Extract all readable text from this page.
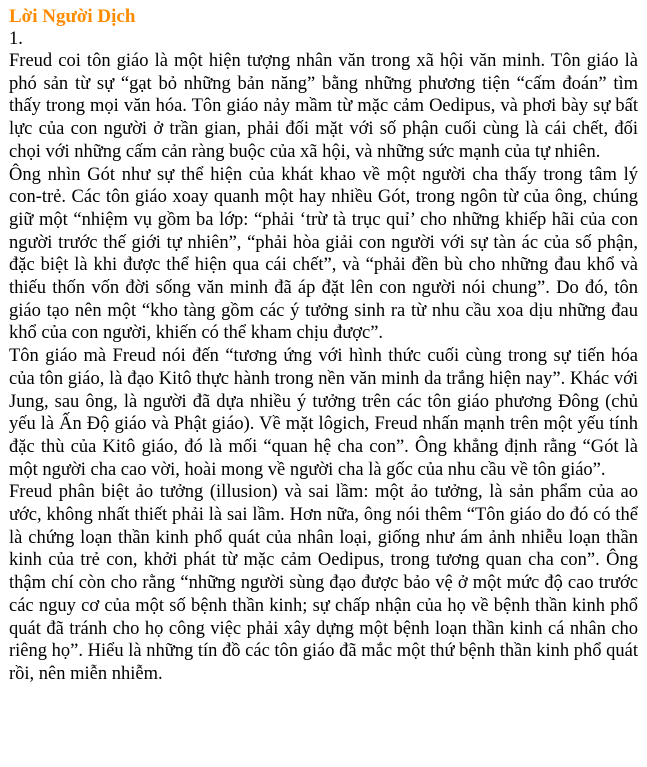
Lời Người Dịch

1.

Freud coi tôn giáo là một hiện tượng nhân văn trong xã hội văn minh. Tôn giáo là phó sản từ sự “gạt bỏ những bản năng” bằng những phương tiện “cấm đoán” tìm thấy trong mọi văn hóa. Tôn giáo nảy mầm từ mặc cảm Oedipus, và phơi bày sự bất lực của con người ở trần gian, phải đối mặt với số phận cuối cùng là cái chết, đối chọi với những cấm cản ràng buộc của xã hội, và những sức mạnh của tự nhiên.

Ông nhìn Gót như sự thể hiện của khát khao về một người cha thấy trong tâm lý con-trẻ. Các tôn giáo xoay quanh một hay nhiều Gót, trong ngôn từ của ông, chúng giữ một “nhiệm vụ gồm ba lớp: “phải ‘trừ tà trục quỉ’ cho những khiếp hãi của con người trước thế giới tự nhiên”, “phải hòa giải con người với sự tàn ác của số phận, đặc biệt là khi được thể hiện qua cái chết”, và “phải đền bù cho những đau khổ và thiếu thốn vốn đời sống văn minh đã áp đặt lên con người nói chung”. Do đó, tôn giáo tạo nên một “kho tàng gồm các ý tưởng sinh ra từ nhu cầu xoa dịu những đau khổ của con người, khiến có thể kham chịu được”.

Tôn giáo mà Freud nói đến “tương ứng với hình thức cuối cùng trong sự tiến hóa của tôn giáo, là đạo Kitô thực hành trong nền văn minh da trắng hiện nay”. Khác với Jung, sau ông, là người đã dựa nhiều ý tưởng trên các tôn giáo phương Đông (chủ yếu là Ấn Độ giáo và Phật giáo). Về mặt lôgich, Freud nhấn mạnh trên một yếu tính đặc thù của Kitô giáo, đó là mối “quan hệ cha con”. Ông khẳng định rằng “Gót là một người cha cao vời, hoài mong về người cha là gốc của nhu cầu về tôn giáo”.

Freud phân biệt ảo tưởng (illusion) và sai lầm: một ảo tưởng, là sản phẩm của ao ước, không nhất thiết phải là sai lầm. Hơn nữa, ông nói thêm “Tôn giáo do đó có thể là chứng loạn thần kinh phổ quát của nhân loại, giống như ám ảnh nhiễu loạn thần kinh của trẻ con, khởi phát từ mặc cảm Oedipus, trong tương quan cha con”. Ông thậm chí còn cho rằng “những người sùng đạo được bảo vệ ở một mức độ cao trước các nguy cơ của một số bệnh thần kinh; sự chấp nhận của họ về bệnh thần kinh phổ quát đã tránh cho họ công việc phải xây dựng một bệnh loạn thần kinh cá nhân cho riêng họ”. Hiểu là những tín đồ các tôn giáo đã mắc một thứ bệnh thần kinh phổ quát rồi, nên miễn nhiễm.
